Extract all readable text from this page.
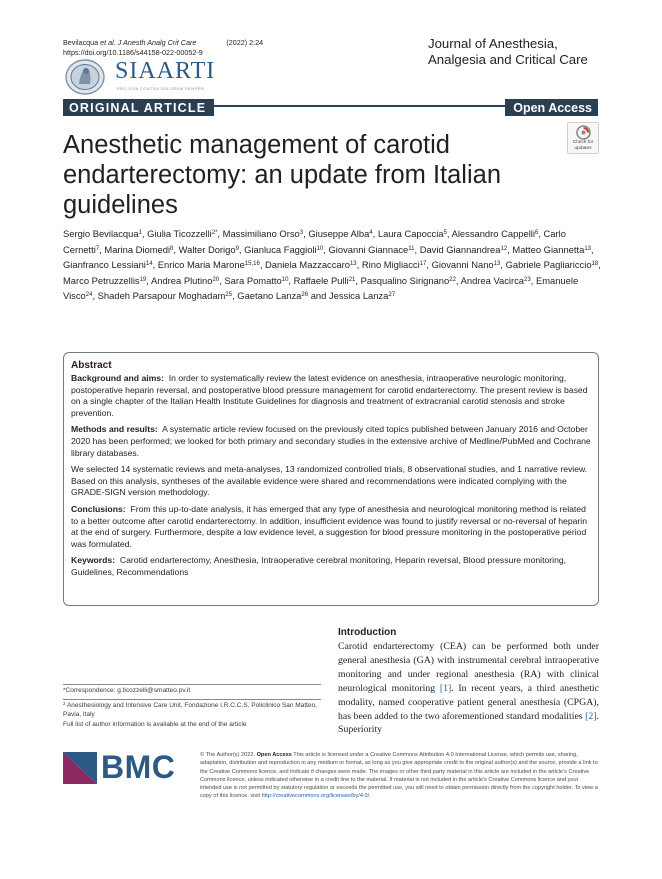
Bevilacqua et al. J Anesth Analg Crit Care	(2022) 2:24
https://doi.org/10.1186/s44158-022-00052-9
Journal of Anesthesia, Analgesia and Critical Care
SIAARTI
PRO VITA CONTRA DOLOREM SEMPER
ORIGINAL ARTICLE	Open Access
Check for updates
Anesthetic management of carotid endarterectomy: an update from Italian guidelines
Sergio Bevilacqua$^1$, Giulia Ticozzelli$^{2*}$, Massimiliano Orso$^3$, Giuseppe Alba$^4$, Laura Capoccia$^5$, Alessandro Cappelli$^6$, Carlo Cernetti$^7$, Marina Diomedi$^8$, Walter Dorigo$^9$, Gianluca Faggioli$^{10}$, Giovanni Giannace$^{11}$, David Giannandrea$^{12}$, Matteo Giannetta$^{13}$, Gianfranco Lessiani$^{14}$, Enrico Maria Marone$^{15,16}$, Daniela Mazzaccaro$^{13}$, Rino Migliacci$^{17}$, Giovanni Nano$^{13}$, Gabriele Pagliariccio$^{18}$, Marco Petruzzellis$^{19}$, Andrea Plutino$^{20}$, Sara Pomatto$^{10}$, Raffaele Pulli$^{21}$, Pasqualino Sirignano$^{22}$, Andrea Vacirca$^{23}$, Emanuele Visco$^{24}$, Shadeh Parsapour Moghadam$^{25}$, Gaetano Lanza$^{26}$ and Jessica Lanza$^{27}$
Abstract

Background and aims: In order to systematically review the latest evidence on anesthesia, intraoperative neurologic monitoring, postoperative heparin reversal, and postoperative blood pressure management for carotid endarterectomy. The present review is based on a single chapter of the Italian Health Institute Guidelines for diagnosis and treatment of extracranial carotid stenosis and stroke prevention.

Methods and results: A systematic article review focused on the previously cited topics published between January 2016 and October 2020 has been performed; we looked for both primary and secondary studies in the extensive archive of Medline/PubMed and Cochrane library databases.

We selected 14 systematic reviews and meta-analyses, 13 randomized controlled trials, 8 observational studies, and 1 narrative review. Based on this analysis, syntheses of the available evidence were shared and recommendations were indicated complying with the GRADE-SIGN version methodology.

Conclusions: From this up-to-date analysis, it has emerged that any type of anesthesia and neurological monitoring method is related to a better outcome after carotid endarterectomy. In addition, insufficient evidence was found to justify reversal or no-reversal of heparin at the end of surgery. Furthermore, despite a low evidence level, a suggestion for blood pressure monitoring in the postoperative period was formulated.

Keywords: Carotid endarterectomy, Anesthesia, Intraoperative cerebral monitoring, Heparin reversal, Blood pressure monitoring, Guidelines, Recommendations

Introduction

Carotid endarterectomy (CEA) can be performed both under general anesthesia (GA) with instrumental cerebral intraoperative monitoring and under regional anesthesia (RA) with clinical neurological monitoring [1]. In recent years, a third anesthetic modality, named cooperative patient general anesthesia (CPGA), has been added to the two aforementioned standard modalities [2]. Superiority

*Correspondence: g.ticozzelli@smatteo.pv.it
$^2$ Anesthesiology and Intensive Care Unit, Fondazione I.R.C.C.S. Policlinico San Matteo, Pavia, Italy
Full list of author information is available at the end of the article
BMC	© The Author(s) 2022. Open Access This article is licensed under a Creative Commons Attribution 4.0 International License, which permits use, sharing, adaptation, distribution and reproduction in any medium or format, as long as you give appropriate credit to the original author(s) and the source, provide a link to the Creative Commons licence, and indicate if changes were made. The images or other third party material in this article are included in the article's Creative Commons licence, unless indicated otherwise in a credit line to the material. If material is not included in the article's Creative Commons licence and your intended use is not permitted by statutory regulation or exceeds the permitted use, you will need to obtain permission directly from the copyright holder. To view a copy of this licence, visit http://creativecommons.org/licenses/by/4.0/.
